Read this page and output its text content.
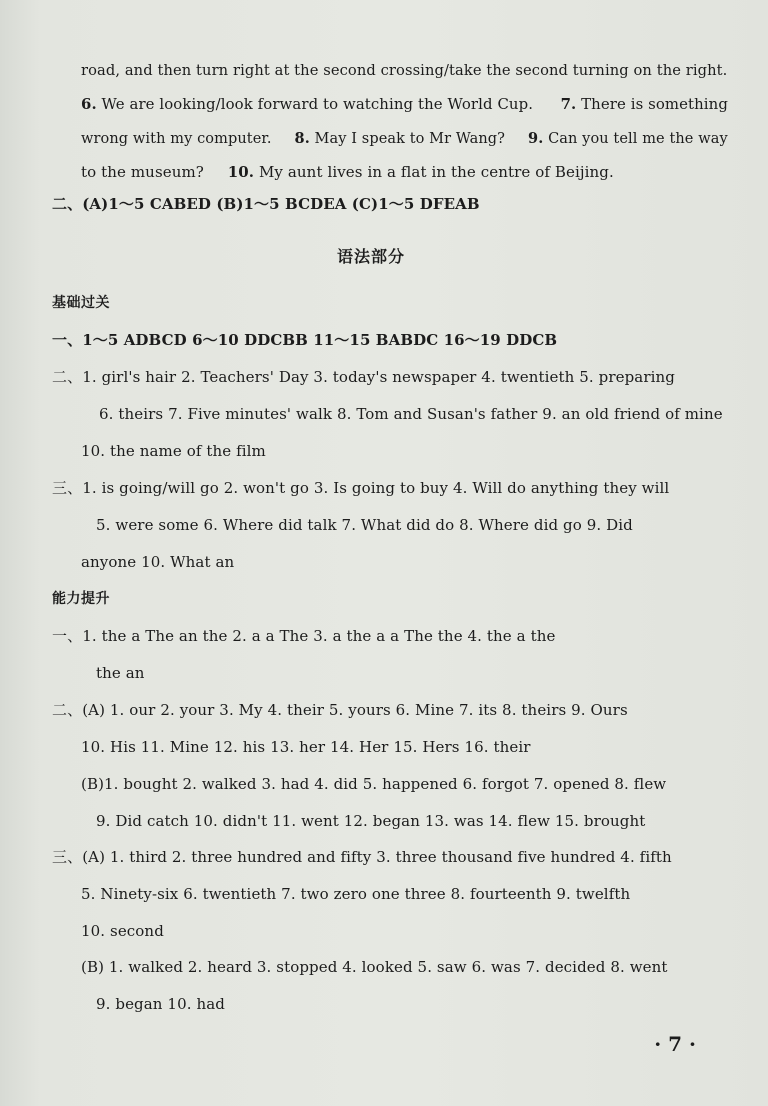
road, and then turn right at the second crossing/take the second turning on the right.
6. We are looking/look forward to watching the World Cup. 7. There is something
wrong with my computer. 8. May I speak to Mr Wang? 9. Can you tell me the way
to the museum? 10. My aunt lives in a flat in the centre of Beijing.
二、(A)1～5 CABED (B)1～5 BCDEA (C)1～5 DFEAB
语法部分
基础过关
一、1～5 ADBCD 6～10 DDCBB 11～15 BABDC 16～19 DDCB
二、1. girl's hair 2. Teachers' Day 3. today's newspaper 4. twentieth 5. preparing
6. theirs 7. Five minutes' walk 8. Tom and Susan's father 9. an old friend of mine
10. the name of the film
三、1. is going/will go 2. won't go 3. Is going to buy 4. Will do anything they will
5. were some 6. Where did talk 7. What did do 8. Where did go 9. Did
anyone 10. What an
能力提升
一、1. the a The an the 2. a a The 3. a the a a The the 4. the a the
the an
二、(A) 1. our 2. your 3. My 4. their 5. yours 6. Mine 7. its 8. theirs 9. Ours
10. His 11. Mine 12. his 13. her 14. Her 15. Hers 16. their
(B)1. bought 2. walked 3. had 4. did 5. happened 6. forgot 7. opened 8. flew
9. Did catch 10. didn't 11. went 12. began 13. was 14. flew 15. brought
三、(A) 1. third 2. three hundred and fifty 3. three thousand five hundred 4. fifth
5. Ninety-six 6. twentieth 7. two zero one three 8. fourteenth 9. twelfth
10. second
(B) 1. walked 2. heard 3. stopped 4. looked 5. saw 6. was 7. decided 8. went
9. began 10. had
· 7 ·
